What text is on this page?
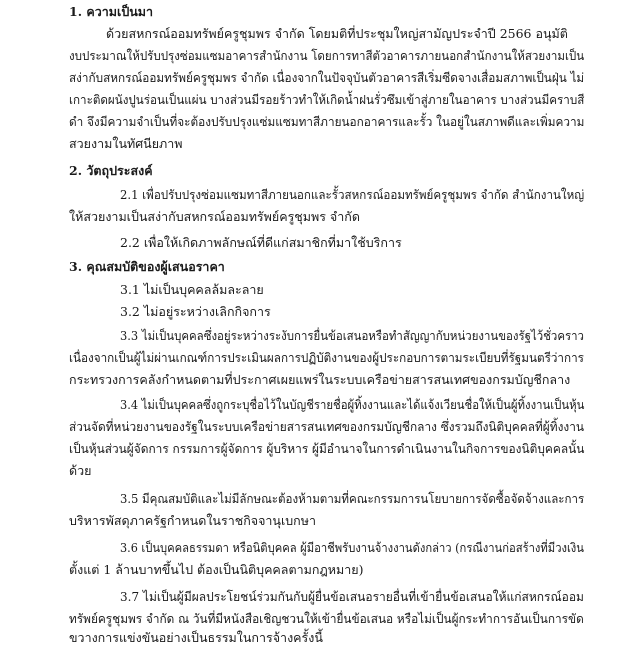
1. ความเป็นมา
ด้วยสหกรณ์ออมทรัพย์ครูชุมพร จำกัด โดยมติที่ประชุมใหญ่สามัญประจำปี 2566 อนุมัติ
งบประมาณให้ปรับปรุงซ่อมแซมอาคารสำนักงาน โดยการทาสีตัวอาคารภายนอกสำนักงานให้สวยงามเป็น
สง่ากับสหกรณ์ออมทรัพย์ครูชุมพร จำกัด เนื่องจากในปัจจุบันตัวอาคารสีเริ่มซีดจางเสื่อมสภาพเป็นฝุ่น ไม่
เกาะติดผนังปูนร่อนเป็นแผ่น บางส่วนมีรอยร้าวทำให้เกิดน้ำฝนรั่วซึมเข้าสู่ภายในอาคาร บางส่วนมีคราบสี
ดำ จึงมีความจำเป็นที่จะต้องปรับปรุงแซ่มแซมทาสีภายนอกอาคารและรั้ว ในอยู่ในสภาพดีและเพิ่มความ
สวยงามในทัศนียภาพ
2. วัตถุประสงค์
2.1 เพื่อปรับปรุงซ่อมแซมทาสีภายนอกและรั้วสหกรณ์ออมทรัพย์ครูชุมพร จำกัด สำนักงานใหญ่
ให้สวยงามเป็นสง่ากับสหกรณ์ออมทรัพย์ครูชุมพร จำกัด
2.2 เพื่อให้เกิดภาพลักษณ์ที่ดีแก่สมาชิกที่มาใช้บริการ
3. คุณสมบัติของผู้เสนอราคา
3.1 ไม่เป็นบุคคลล้มละลาย
3.2 ไม่อยู่ระหว่างเลิกกิจการ
3.3 ไม่เป็นบุคคลซึ่งอยู่ระหว่างระงับการยื่นข้อเสนอหรือทำสัญญากับหน่วยงานของรัฐไว้ชั่วคราว
เนื่องจากเป็นผู้ไม่ผ่านเกณฑ์การประเมินผลการปฏิบัติงานของผู้ประกอบการตามระเบียบที่รัฐมนตรีว่าการ
กระทรวงการคลังกำหนดตามที่ประกาศเผยแพร่ในระบบเครือข่ายสารสนเทศของกรมบัญชีกลาง
3.4 ไม่เป็นบุคคลซึ่งถูกระบุชื่อไว้ในบัญชีรายชื่อผู้ทิ้งงานและได้แจ้งเวียนชื่อให้เป็นผู้ทิ้งงานเป็นหุ้น
ส่วนจัดที่หน่วยงานของรัฐในระบบเครือข่ายสารสนเทศของกรมบัญชีกลาง ซึ่งรวมถึงนิติบุคคลที่ผู้ทิ้งงาน
เป็นหุ้นส่วนผู้จัดการ กรรมการผู้จัดการ ผู้บริหาร ผู้มีอำนาจในการดำเนินงานในกิจการของนิติบุคคลนั้น
ด้วย
3.5 มีคุณสมบัติและไม่มีลักษณะต้องห้ามตามที่คณะกรรมการนโยบายการจัดซื้อจัดจ้างและการ
บริหารพัสดุภาครัฐกำหนดในราชกิจจานุเบกษา
3.6 เป็นบุคคลธรรมดา หรือนิติบุคคล ผู้มีอาชีพรับงานจ้างงานดังกล่าว (กรณีงานก่อสร้างที่มีวงเงิน
ตั้งแต่ 1 ล้านบาทขึ้นไป ต้องเป็นนิติบุคคลตามกฎหมาย)
3.7 ไม่เป็นผู้มีผลประโยชน์ร่วมกันกับผู้ยื่นข้อเสนอรายอื่นที่เข้ายื่นข้อเสนอให้แก่สหกรณ์ออม
ทรัพย์ครูชุมพร จำกัด ณ วันที่มีหนังสือเชิญชวนให้เข้ายื่นข้อเสนอ หรือไม่เป็นผู้กระทำการอันเป็นการขัด
ขวางการแข่งขันอย่างเป็นธรรมในการจ้างครั้งนี้
